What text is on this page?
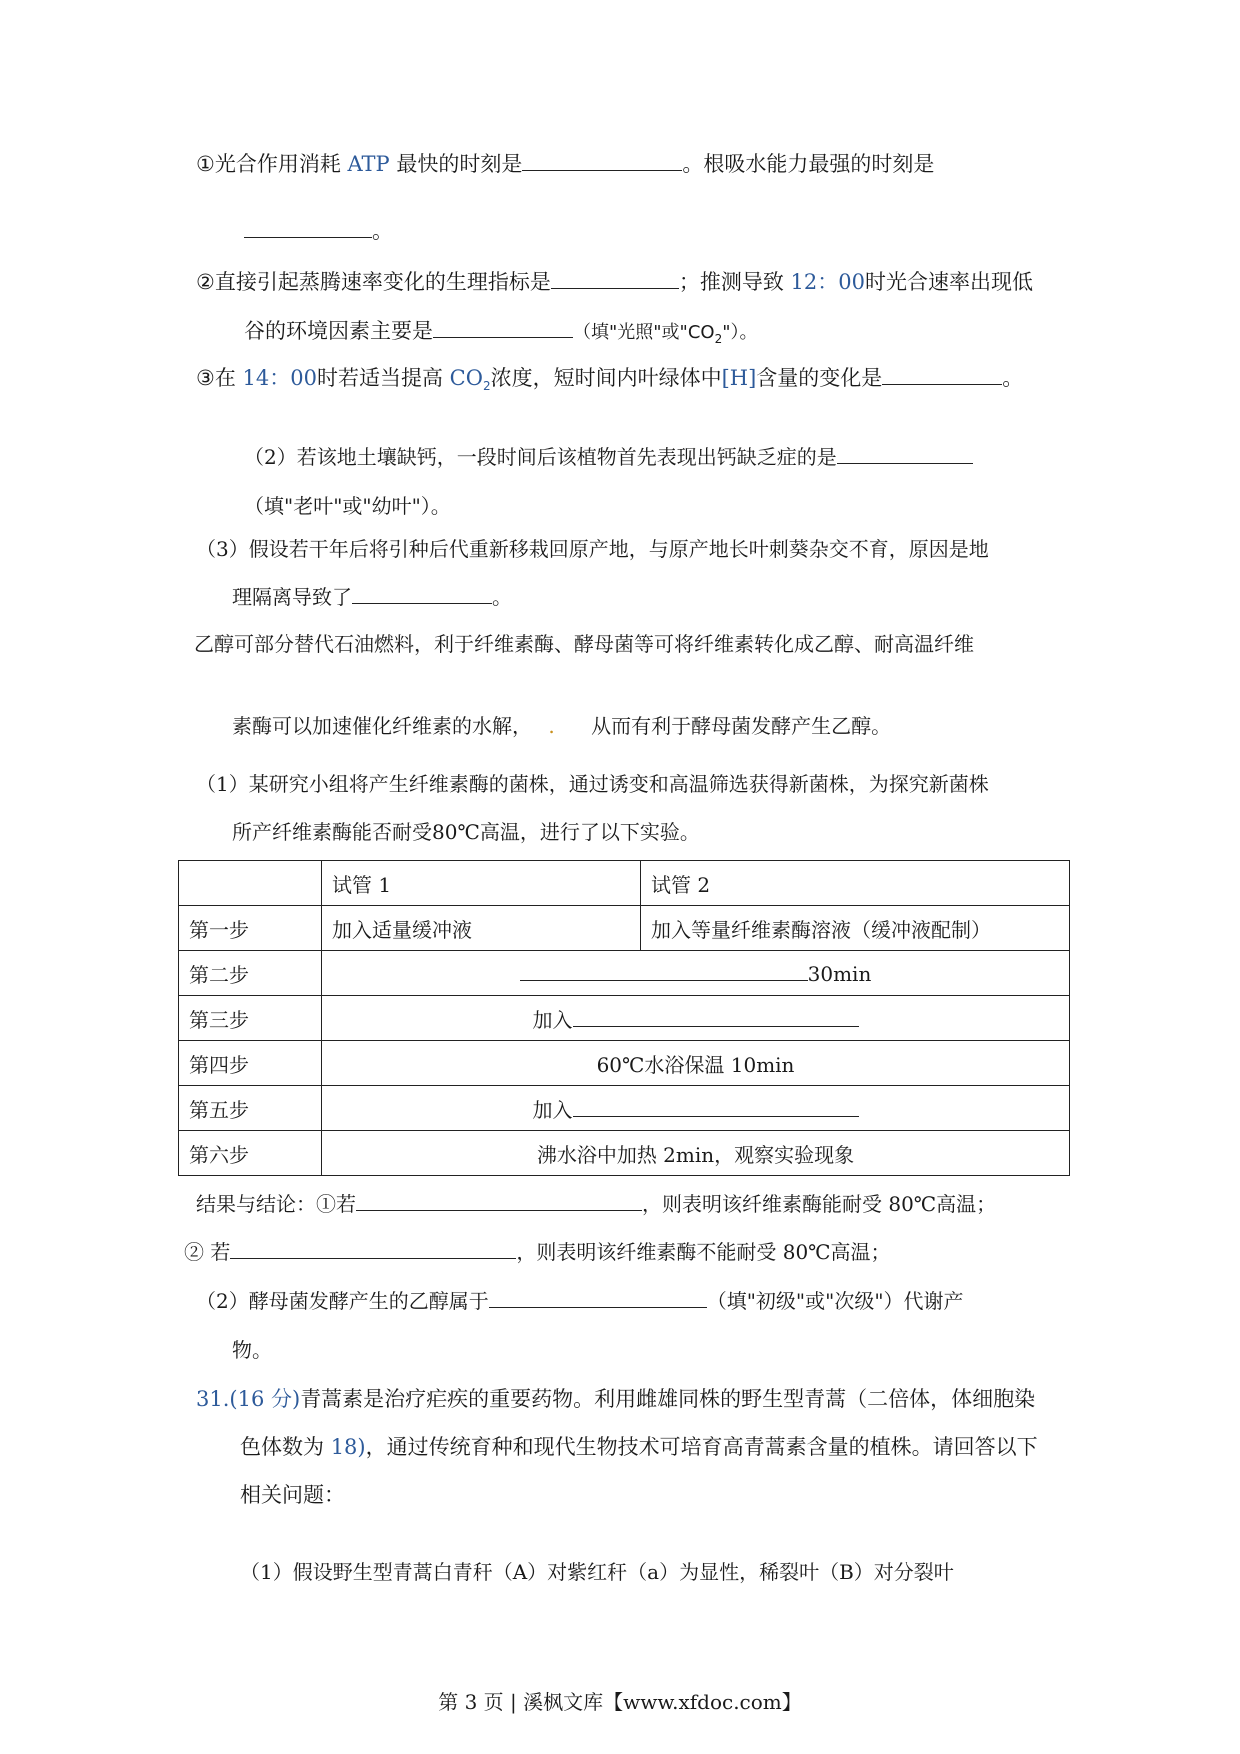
①光合作用消耗 ATP 最快的时刻是	。根吸水能力最强的时刻是
。
②直接引起蒸腾速率变化的生理指标是	；推测导致 12：00时光合速率出现低
谷的环境因素主要是	（填"光照"或"$CO_2$"）。
③在 14：00时若适当提高 $CO_2$浓度，短时间内叶绿体中[H]含量的变化是	。
（2）若该地土壤缺钙，一段时间后该植物首先表现出钙缺乏症的是
（填"老叶"或"幼叶"）。
（3）假设若干年后将引种后代重新移栽回原产地，与原产地长叶刺葵杂交不育，原因是地
理隔离导致了	。
乙醇可部分替代石油燃料，利于纤维素酶、酵母菌等可将纤维素转化成乙醇、耐高温纤维
素酶可以加速催化纤维素的水解， . 从而有利于酵母菌发酵产生乙醇。
（1）某研究小组将产生纤维素酶的菌株，通过诱变和高温筛选获得新菌株，为探究新菌株
所产纤维素酶能否耐受80℃高温，进行了以下实验。
	试管 1	试管 2
第一步	加入适量缓冲液	加入等量纤维素酶溶液（缓冲液配制）
第二步	30min	
第三步	加入	
第四步	60℃水浴保温 10min	
第五步	加入	
第六步	沸水浴中加热 2min，观察实验现象	
结果与结论：①若	，则表明该纤维素酶能耐受 80℃高温；
② 若	，则表明该纤维素酶不能耐受 80℃高温；
（2）酵母菌发酵产生的乙醇属于	（填"初级"或"次级"）代谢产
物。
31.(16 分)青蒿素是治疗疟疾的重要药物。利用雌雄同株的野生型青蒿（二倍体，体细胞染
色体数为 18)，通过传统育种和现代生物技术可培育高青蒿素含量的植株。请回答以下
相关问题：
（1）假设野生型青蒿白青秆（A）对紫红秆（a）为显性，稀裂叶（B）对分裂叶
第 3 页 | 溪枫文库【www.xfdoc.com】
